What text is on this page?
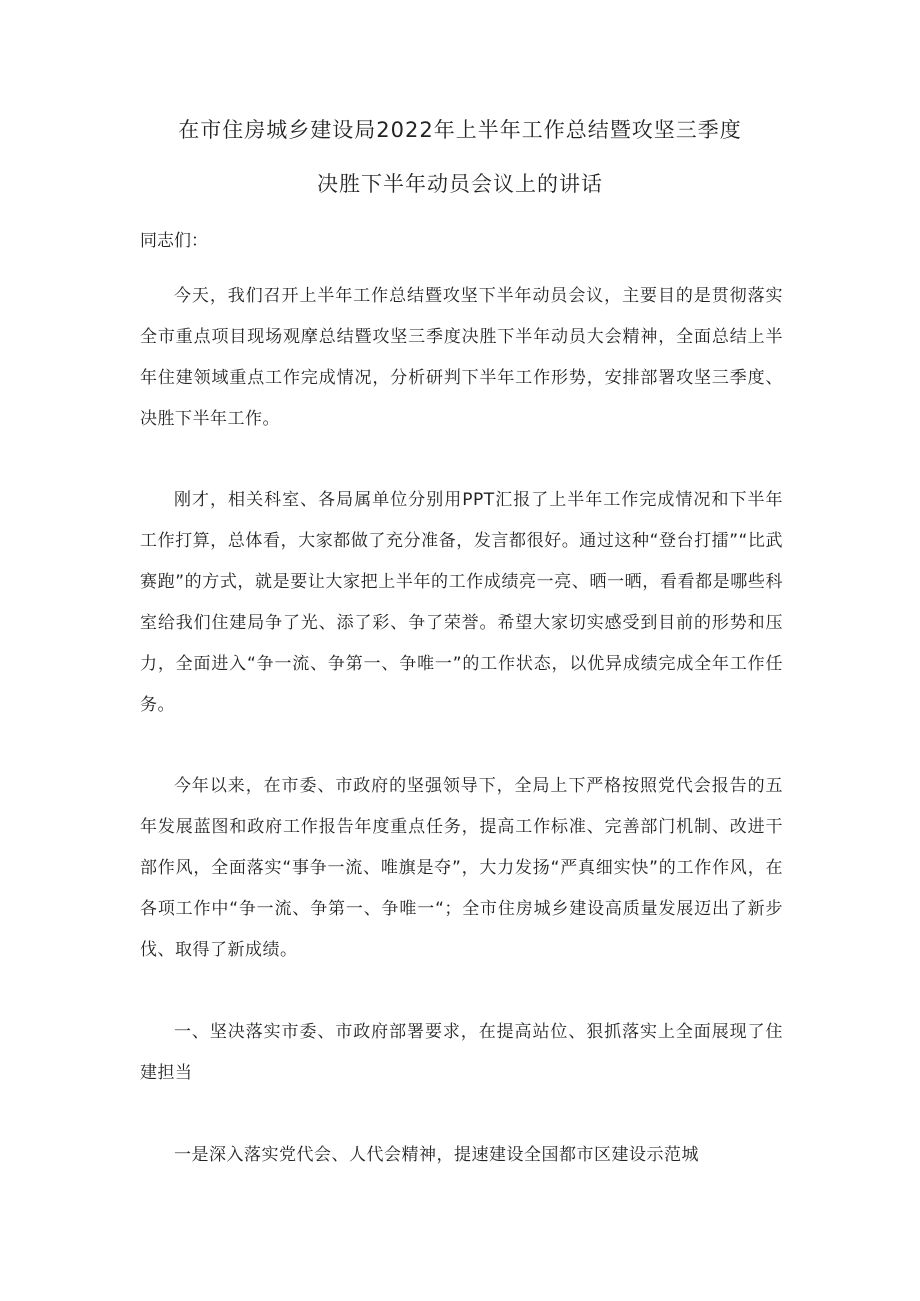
在市住房城乡建设局2022年上半年工作总结暨攻坚三季度
决胜下半年动员会议上的讲话

同志们：

今天，我们召开上半年工作总结暨攻坚下半年动员会议，主要目的是贯彻落实全市重点项目现场观摩总结暨攻坚三季度决胜下半年动员大会精神，全面总结上半年住建领域重点工作完成情况，分析研判下半年工作形势，安排部署攻坚三季度、决胜下半年工作。

刚才，相关科室、各局属单位分别用PPT汇报了上半年工作完成情况和下半年工作打算，总体看，大家都做了充分准备，发言都很好。通过这种“登台打擂”“比武赛跑”的方式，就是要让大家把上半年的工作成绩亮一亮、晒一晒，看看都是哪些科室给我们住建局争了光、添了彩、争了荣誉。希望大家切实感受到目前的形势和压力，全面进入“争一流、争第一、争唯一”的工作状态，以优异成绩完成全年工作任务。

今年以来，在市委、市政府的坚强领导下，全局上下严格按照党代会报告的五年发展蓝图和政府工作报告年度重点任务，提高工作标准、完善部门机制、改进干部作风，全面落实“事争一流、唯旗是夺”，大力发扬“严真细实快”的工作作风，在各项工作中“争一流、争第一、争唯一“；全市住房城乡建设高质量发展迈出了新步伐、取得了新成绩。

一、坚决落实市委、市政府部署要求，在提高站位、狠抓落实上全面展现了住建担当

一是深入落实党代会、人代会精神，提速建设全国都市区建设示范城
